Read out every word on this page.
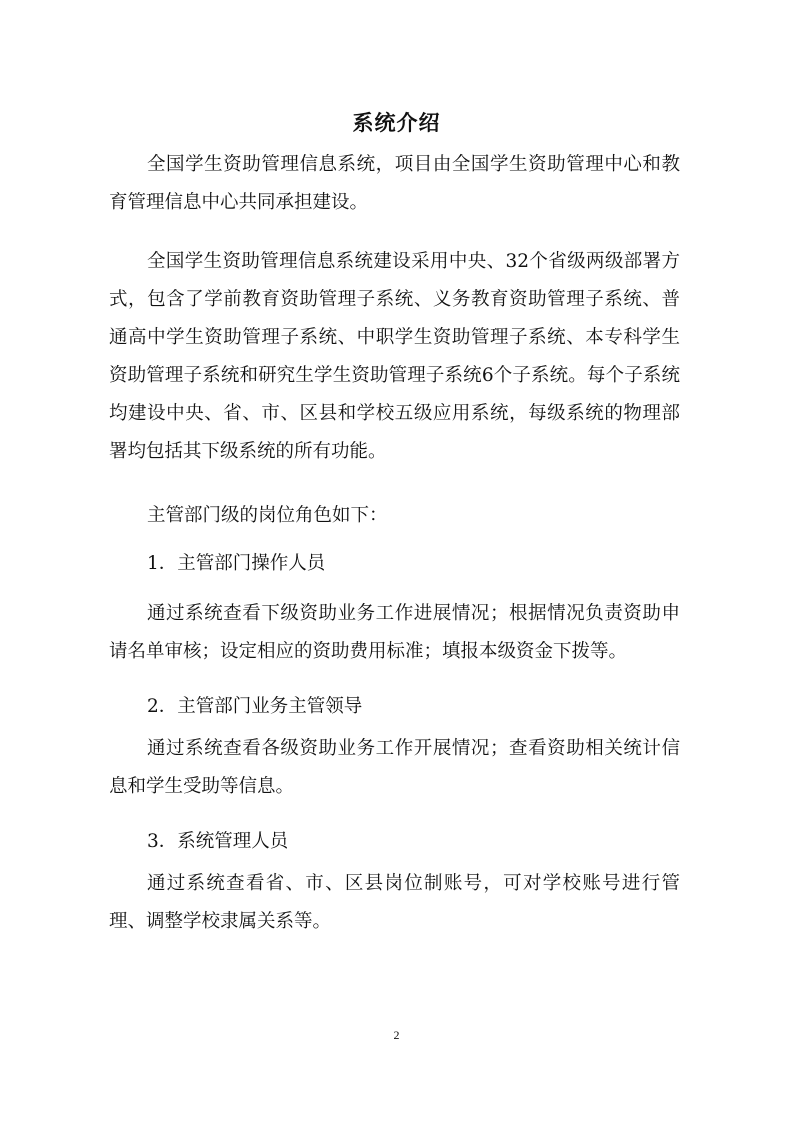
系统介绍

全国学生资助管理信息系统，项目由全国学生资助管理中心和教育管理信息中心共同承担建设。

全国学生资助管理信息系统建设采用中央、32个省级两级部署方式，包含了学前教育资助管理子系统、义务教育资助管理子系统、普通高中学生资助管理子系统、中职学生资助管理子系统、本专科学生资助管理子系统和研究生学生资助管理子系统6个子系统。每个子系统均建设中央、省、市、区县和学校五级应用系统，每级系统的物理部署均包括其下级系统的所有功能。

主管部门级的岗位角色如下：

1．主管部门操作人员

通过系统查看下级资助业务工作进展情况；根据情况负责资助申请名单审核；设定相应的资助费用标准；填报本级资金下拨等。

2．主管部门业务主管领导

通过系统查看各级资助业务工作开展情况；查看资助相关统计信息和学生受助等信息。

3．系统管理人员

通过系统查看省、市、区县岗位制账号，可对学校账号进行管理、调整学校隶属关系等。

2
